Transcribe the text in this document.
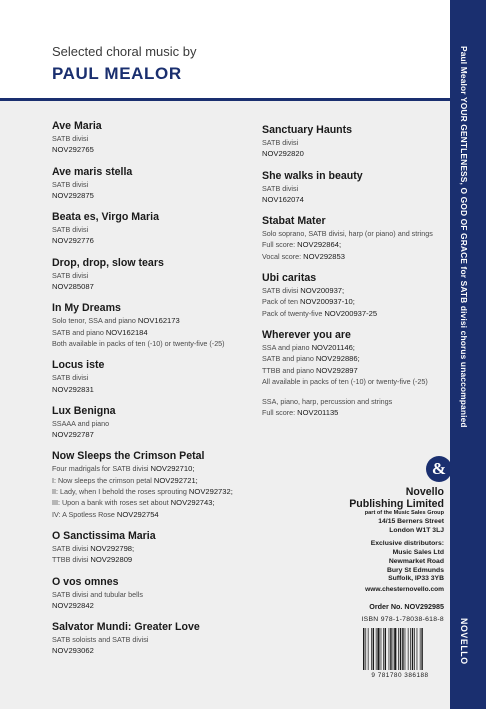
Selected choral music by
PAUL MEALOR
Ave Maria
SATB divisi
NOV292765
Ave maris stella
SATB divisi
NOV292875
Beata es, Virgo Maria
SATB divisi
NOV292776
Drop, drop, slow tears
SATB divisi
NOV285087
In My Dreams
Solo tenor, SSA and piano NOV162173
SATB and piano NOV162184
Both available in packs of ten (-10) or twenty-five (-25)
Locus iste
SATB divisi
NOV292831
Lux Benigna
SSAAA and piano
NOV292787
Now Sleeps the Crimson Petal
Four madrigals for SATB divisi NOV292710;
I: Now sleeps the crimson petal NOV292721;
II: Lady, when I behold the roses sprouting NOV292732;
III: Upon a bank with roses set about NOV292743;
IV: A Spotless Rose NOV292754
O Sanctissima Maria
SATB divisi NOV292798;
TTBB divisi NOV292809
O vos omnes
SATB divisi and tubular bells
NOV292842
Salvator Mundi: Greater Love
SATB soloists and SATB divisi
NOV293062
Sanctuary Haunts
SATB divisi
NOV292820
She walks in beauty
SATB divisi
NOV162074
Stabat Mater
Solo soprano, SATB divisi, harp (or piano) and strings
Full score: NOV292864;
Vocal score: NOV292853
Ubi caritas
SATB divisi NOV200937;
Pack of ten NOV200937-10;
Pack of twenty-five NOV200937-25
Wherever you are
SSA and piano NOV201146;
SATB and piano NOV292886;
TTBB and piano NOV292897
All available in packs of ten (-10) or twenty-five (-25)
SSA, piano, harp, percussion and strings
Full score: NOV201135
&
Novello
Publishing Limited
part of the Music Sales Group
14/15 Berners Street
London W1T 3LJ
Exclusive distributors:
Music Sales Ltd
Newmarket Road
Bury St Edmunds
Suffolk, IP33 3YB
www.chesternovello.com
Order No. NOV292985
ISBN 978-1-78038-618-8
9 781780 386188
Paul Mealor YOUR GENTLENESS, O GOD OF GRACE for SATB divisi chorus unaccompanied
NOVELLO
